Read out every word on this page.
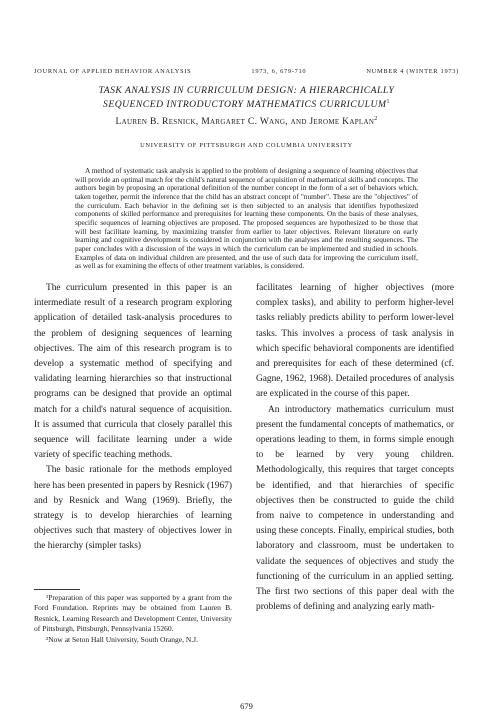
JOURNAL OF APPLIED BEHAVIOR ANALYSIS	1973, 6, 679-710	NUMBER 4 (WINTER 1973)
TASK ANALYSIS IN CURRICULUM DESIGN: A HIERARCHICALLY
SEQUENCED INTRODUCTORY MATHEMATICS CURRICULUM$^1$
Lauren B. Resnick, Margaret C. Wang, and Jerome Kaplan$^2$
UNIVERSITY OF PITTSBURGH AND COLUMBIA UNIVERSITY

A method of systematic task analysis is applied to the problem of designing a sequence of learning objectives that will provide an optimal match for the child's natural sequence of acquisition of mathematical skills and concepts. The authors begin by proposing an operational definition of the number concept in the form of a set of behaviors which, taken together, permit the inference that the child has an abstract concept of "number". These are the "objectives" of the curriculum. Each behavior in the defining set is then subjected to an analysis that identifies hypothesized components of skilled performance and prerequisites for learning these components. On the basis of these analyses, specific sequences of learning objectives are proposed. The proposed sequences are hypothesized to be those that will best facilitate learning, by maximizing transfer from earlier to later objectives. Relevant literature on early learning and cognitive development is considered in conjunction with the analyses and the resulting sequences. The paper concludes with a discussion of the ways in which the curriculum can be implemented and studied in schools. Examples of data on individual children are presented, and the use of such data for improving the curriculum itself, as well as for examining the effects of other treatment variables, is considered.

The curriculum presented in this paper is an intermediate result of a research program exploring application of detailed task-analysis procedures to the problem of designing sequences of learning objectives. The aim of this research program is to develop a systematic method of specifying and validating learning hierarchies so that instructional programs can be designed that provide an optimal match for a child's natural sequence of acquisition. It is assumed that curricula that closely parallel this sequence will facilitate learning under a wide variety of specific teaching methods.

The basic rationale for the methods employed here has been presented in papers by Resnick (1967) and by Resnick and Wang (1969). Briefly, the strategy is to develop hierarchies of learning objectives such that mastery of objectives lower in the hierarchy (simpler tasks)

facilitates learning of higher objectives (more complex tasks), and ability to perform higher-level tasks reliably predicts ability to perform lower-level tasks. This involves a process of task analysis in which specific behavioral components are identified and prerequisites for each of these determined (cf. Gagne, 1962, 1968). Detailed procedures of analysis are explicated in the course of this paper.

An introductory mathematics curriculum must present the fundamental concepts of mathematics, or operations leading to them, in forms simple enough to be learned by very young children. Methodologically, this requires that target concepts be identified, and that hierarchies of specific objectives then be constructed to guide the child from naive to competence in understanding and using these concepts. Finally, empirical studies, both laboratory and classroom, must be undertaken to validate the sequences of objectives and study the functioning of the curriculum in an applied setting. The first two sections of this paper deal with the problems of defining and analyzing early math-

¹Preparation of this paper was supported by a grant from the Ford Foundation. Reprints may be obtained from Lauren B. Resnick, Learning Research and Development Center, University of Pittsburgh, Pittsburgh, Pennsylvania 15260.

²Now at Seton Hall University, South Orange, N.J.

679
